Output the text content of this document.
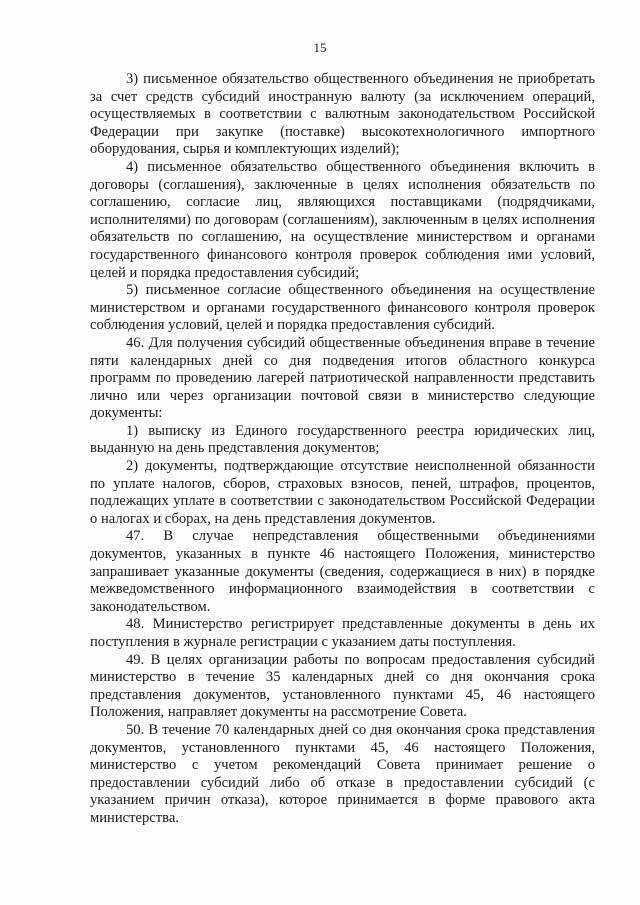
15

3) письменное обязательство общественного объединения не приобретать за счет средств субсидий иностранную валюту (за исключением операций, осуществляемых в соответствии с валютным законодательством Российской Федерации при закупке (поставке) высокотехнологичного импортного оборудования, сырья и комплектующих изделий);

4) письменное обязательство общественного объединения включить в договоры (соглашения), заключенные в целях исполнения обязательств по соглашению, согласие лиц, являющихся поставщиками (подрядчиками, исполнителями) по договорам (соглашениям), заключенным в целях исполнения обязательств по соглашению, на осуществление министерством и органами государственного финансового контроля проверок соблюдения ими условий, целей и порядка предоставления субсидий;

5) письменное согласие общественного объединения на осуществление министерством и органами государственного финансового контроля проверок соблюдения условий, целей и порядка предоставления субсидий.

46. Для получения субсидий общественные объединения вправе в течение пяти календарных дней со дня подведения итогов областного конкурса программ по проведению лагерей патриотической направленности представить лично или через организации почтовой связи в министерство следующие документы:

1) выписку из Единого государственного реестра юридических лиц, выданную на день представления документов;

2) документы, подтверждающие отсутствие неисполненной обязанности по уплате налогов, сборов, страховых взносов, пеней, штрафов, процентов, подлежащих уплате в соответствии с законодательством Российской Федерации о налогах и сборах, на день представления документов.

47. В случае непредставления общественными объединениями документов, указанных в пункте 46 настоящего Положения, министерство запрашивает указанные документы (сведения, содержащиеся в них) в порядке межведомственного информационного взаимодействия в соответствии с законодательством.

48. Министерство регистрирует представленные документы в день их поступления в журнале регистрации с указанием даты поступления.

49. В целях организации работы по вопросам предоставления субсидий министерство в течение 35 календарных дней со дня окончания срока представления документов, установленного пунктами 45, 46 настоящего Положения, направляет документы на рассмотрение Совета.

50. В течение 70 календарных дней со дня окончания срока представления документов, установленного пунктами 45, 46 настоящего Положения, министерство с учетом рекомендаций Совета принимает решение о предоставлении субсидий либо об отказе в предоставлении субсидий (с указанием причин отказа), которое принимается в форме правового акта министерства.
